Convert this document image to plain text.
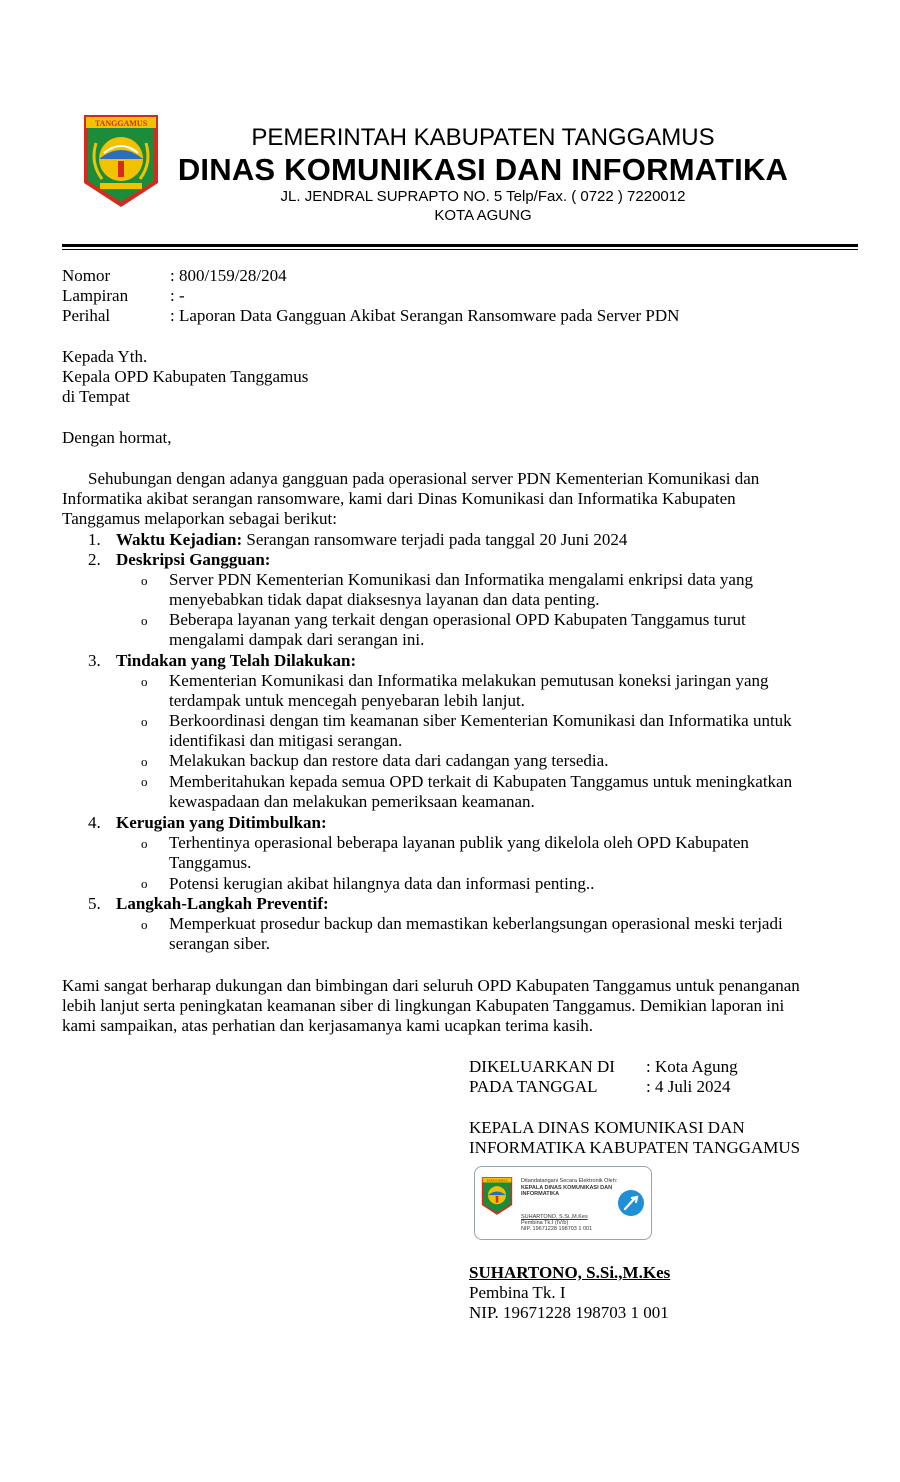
TANGGAMUS
PEMERINTAH KABUPATEN TANGGAMUS
DINAS KOMUNIKASI DAN INFORMATIKA
JL. JENDRAL SUPRAPTO NO. 5 Telp/Fax. ( 0722 ) 7220012
KOTA AGUNG
Nomor	: 800/159/28/204
Lampiran : -
Perihal	: Laporan Data Gangguan Akibat Serangan Ransomware pada Server PDN
Kepada Yth.
Kepala OPD Kabupaten Tanggamus
di Tempat
Dengan hormat,
Sehubungan dengan adanya gangguan pada operasional server PDN Kementerian Komunikasi dan
Informatika akibat serangan ransomware, kami dari Dinas Komunikasi dan Informatika Kabupaten
Tanggamus melaporkan sebagai berikut:
1. Waktu Kejadian: Serangan ransomware terjadi pada tanggal 20 Juni 2024
2. Deskripsi Gangguan:
o Server PDN Kementerian Komunikasi dan Informatika mengalami enkripsi data yang
menyebabkan tidak dapat diaksesnya layanan dan data penting.
o Beberapa layanan yang terkait dengan operasional OPD Kabupaten Tanggamus turut
mengalami dampak dari serangan ini.
3. Tindakan yang Telah Dilakukan:
o Kementerian Komunikasi dan Informatika melakukan pemutusan koneksi jaringan yang
terdampak untuk mencegah penyebaran lebih lanjut.
o Berkoordinasi dengan tim keamanan siber Kementerian Komunikasi dan Informatika untuk
identifikasi dan mitigasi serangan.
o Melakukan backup dan restore data dari cadangan yang tersedia.
o Memberitahukan kepada semua OPD terkait di Kabupaten Tanggamus untuk meningkatkan
kewaspadaan dan melakukan pemeriksaan keamanan.
4. Kerugian yang Ditimbulkan:
o Terhentinya operasional beberapa layanan publik yang dikelola oleh OPD Kabupaten
Tanggamus.
o Potensi kerugian akibat hilangnya data dan informasi penting..
5. Langkah-Langkah Preventif:
o Memperkuat prosedur backup dan memastikan keberlangsungan operasional meski terjadi
serangan siber.
Kami sangat berharap dukungan dan bimbingan dari seluruh OPD Kabupaten Tanggamus untuk penanganan
lebih lanjut serta peningkatan keamanan siber di lingkungan Kabupaten Tanggamus. Demikian laporan ini
kami sampaikan, atas perhatian dan kerjasamanya kami ucapkan terima kasih.
DIKELUARKAN DI : Kota Agung
PADA TANGGAL	: 4 Juli 2024
KEPALA DINAS KOMUNIKASI DAN
INFORMATIKA KABUPATEN TANGGAMUS
TANGGAMUS Ditandatangani Secara Elektronik Oleh:
KEPALA DINAS KOMUNIKASI DAN
INFORMATIKA
SUHARTONO, S.Si.,M.Kes
Pembina Tk.I (IV/b)
NIP. 19671228 198703 1 001
SUHARTONO, S.Si.,M.Kes
Pembina Tk. I
NIP. 19671228 198703 1 001
